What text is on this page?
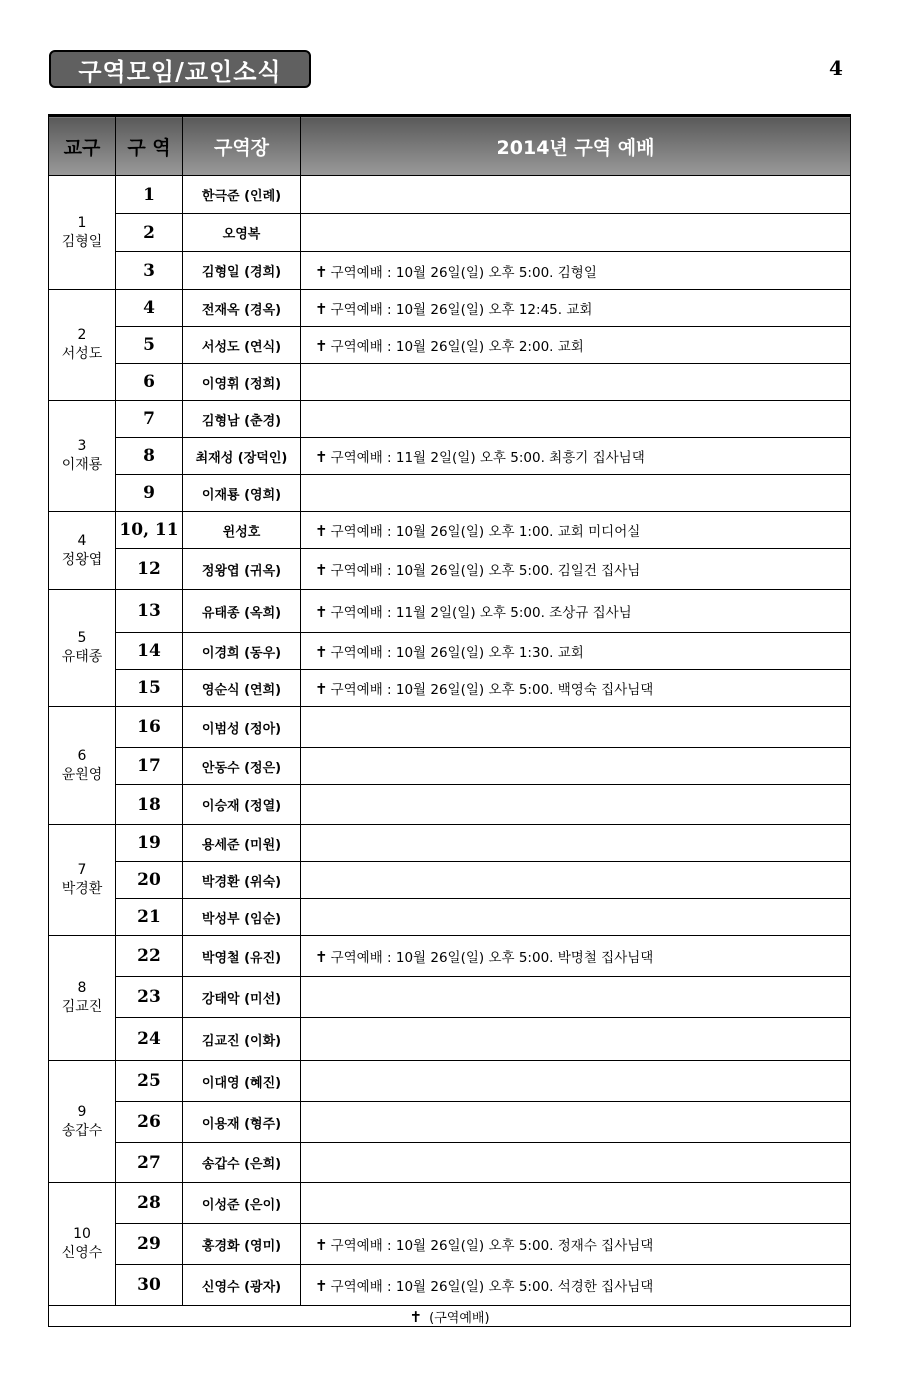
구역모임/교인소식	4
교구	구 역	구역장	2014년 구역 예배

1
김형일	1	한극준 (인례)	
	2	오영복	
	3	김형일 (경희)	✝ 구역예배 : 10월 26일(일) 오후 5:00. 김형일

2
서성도	4	전재옥 (경옥)	✝ 구역예배 : 10월 26일(일) 오후 12:45. 교회
	5	서성도 (연식)	✝ 구역예배 : 10월 26일(일) 오후 2:00. 교회
	6	이영휘 (정희)	

3
이재룡	7	김형남 (춘경)	
	8	최재성 (장덕인)	✝ 구역예배 : 11월 2일(일) 오후 5:00. 최흥기 집사님댁
	9	이재룡 (영희)	

4
정왕엽	10, 11	윈성호	✝ 구역예배 : 10월 26일(일) 오후 1:00. 교회 미디어실
	12	정왕엽 (귀옥)	✝ 구역예배 : 10월 26일(일) 오후 5:00. 김일건 집사님

5
유태종	13	유태종 (옥희)	✝ 구역예배 : 11월 2일(일) 오후 5:00. 조상규 집사님
	14	이경희 (동우)	✝ 구역예배 : 10월 26일(일) 오후 1:30. 교회
	15	영순식 (연희)	✝ 구역예배 : 10월 26일(일) 오후 5:00. 백영숙 집사님댁

6
윤원영	16	이범성 (정아)	
	17	안동수 (정은)	
	18	이승재 (정열)	

7
박경환	19	용세준 (미원)	
	20	박경환 (위숙)	
	21	박성부 (임순)	

8
김교진	22	박영철 (유진)	✝ 구역예배 : 10월 26일(일) 오후 5:00. 박명철 집사님댁
	23	강태악 (미선)	
	24	김교진 (이화)	

9
송갑수	25	이대영 (혜진)	
	26	이용재 (형주)	
	27	송갑수 (은희)	

10
신영수	28	이성준 (은이)	
	29	홍경화 (영미)	✝ 구역예배 : 10월 26일(일) 오후 5:00. 정재수 집사님댁
	30	신영수 (광자)	✝ 구역예배 : 10월 26일(일) 오후 5:00. 석경한 집사님댁
✝ (구역예배)			
